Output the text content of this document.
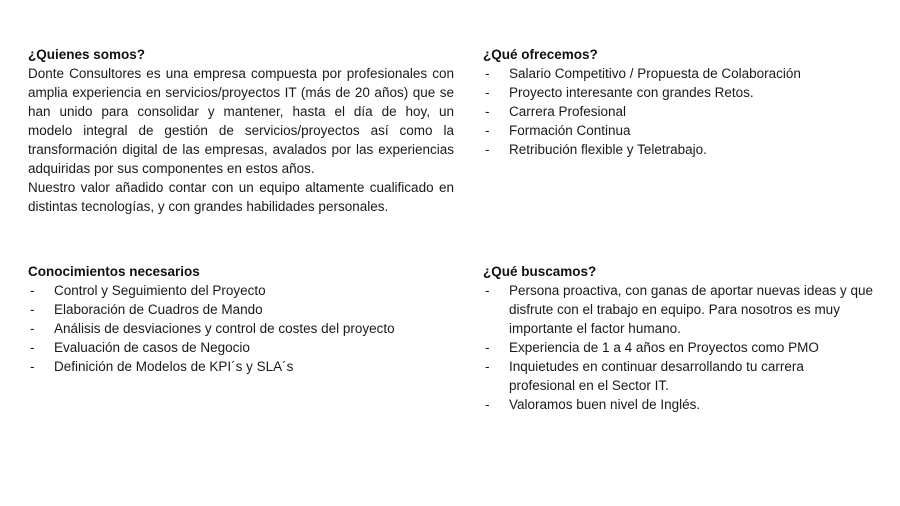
¿Quienes somos?
Donte Consultores es una empresa compuesta por profesionales con
amplia experiencia en servicios/proyectos IT (más de 20 años) que se
han unido para consolidar y mantener, hasta el día de hoy, un
modelo integral de gestión de servicios/proyectos así como la
transformación digital de las empresas, avalados por las experiencias
adquiridas por sus componentes en estos años.
Nuestro valor añadido contar con un equipo altamente cualificado en
distintas tecnologías, y con grandes habilidades personales.
¿Qué ofrecemos?
- Salario Competitivo / Propuesta de Colaboración
- Proyecto interesante con grandes Retos.
- Carrera Profesional
- Formación Continua
- Retribución flexible y Teletrabajo.
Conocimientos necesarios
- Control y Seguimiento del Proyecto
- Elaboración de Cuadros de Mando
- Análisis de desviaciones y control de costes del proyecto
- Evaluación de casos de Negocio
- Definición de Modelos de KPI´s y SLA´s
¿Qué buscamos?
- Persona proactiva, con ganas de aportar nuevas ideas y que
disfrute con el trabajo en equipo. Para nosotros es muy
importante el factor humano.
- Experiencia de 1 a 4 años en Proyectos como PMO
- Inquietudes en continuar desarrollando tu carrera
profesional en el Sector IT.
- Valoramos buen nivel de Inglés.
